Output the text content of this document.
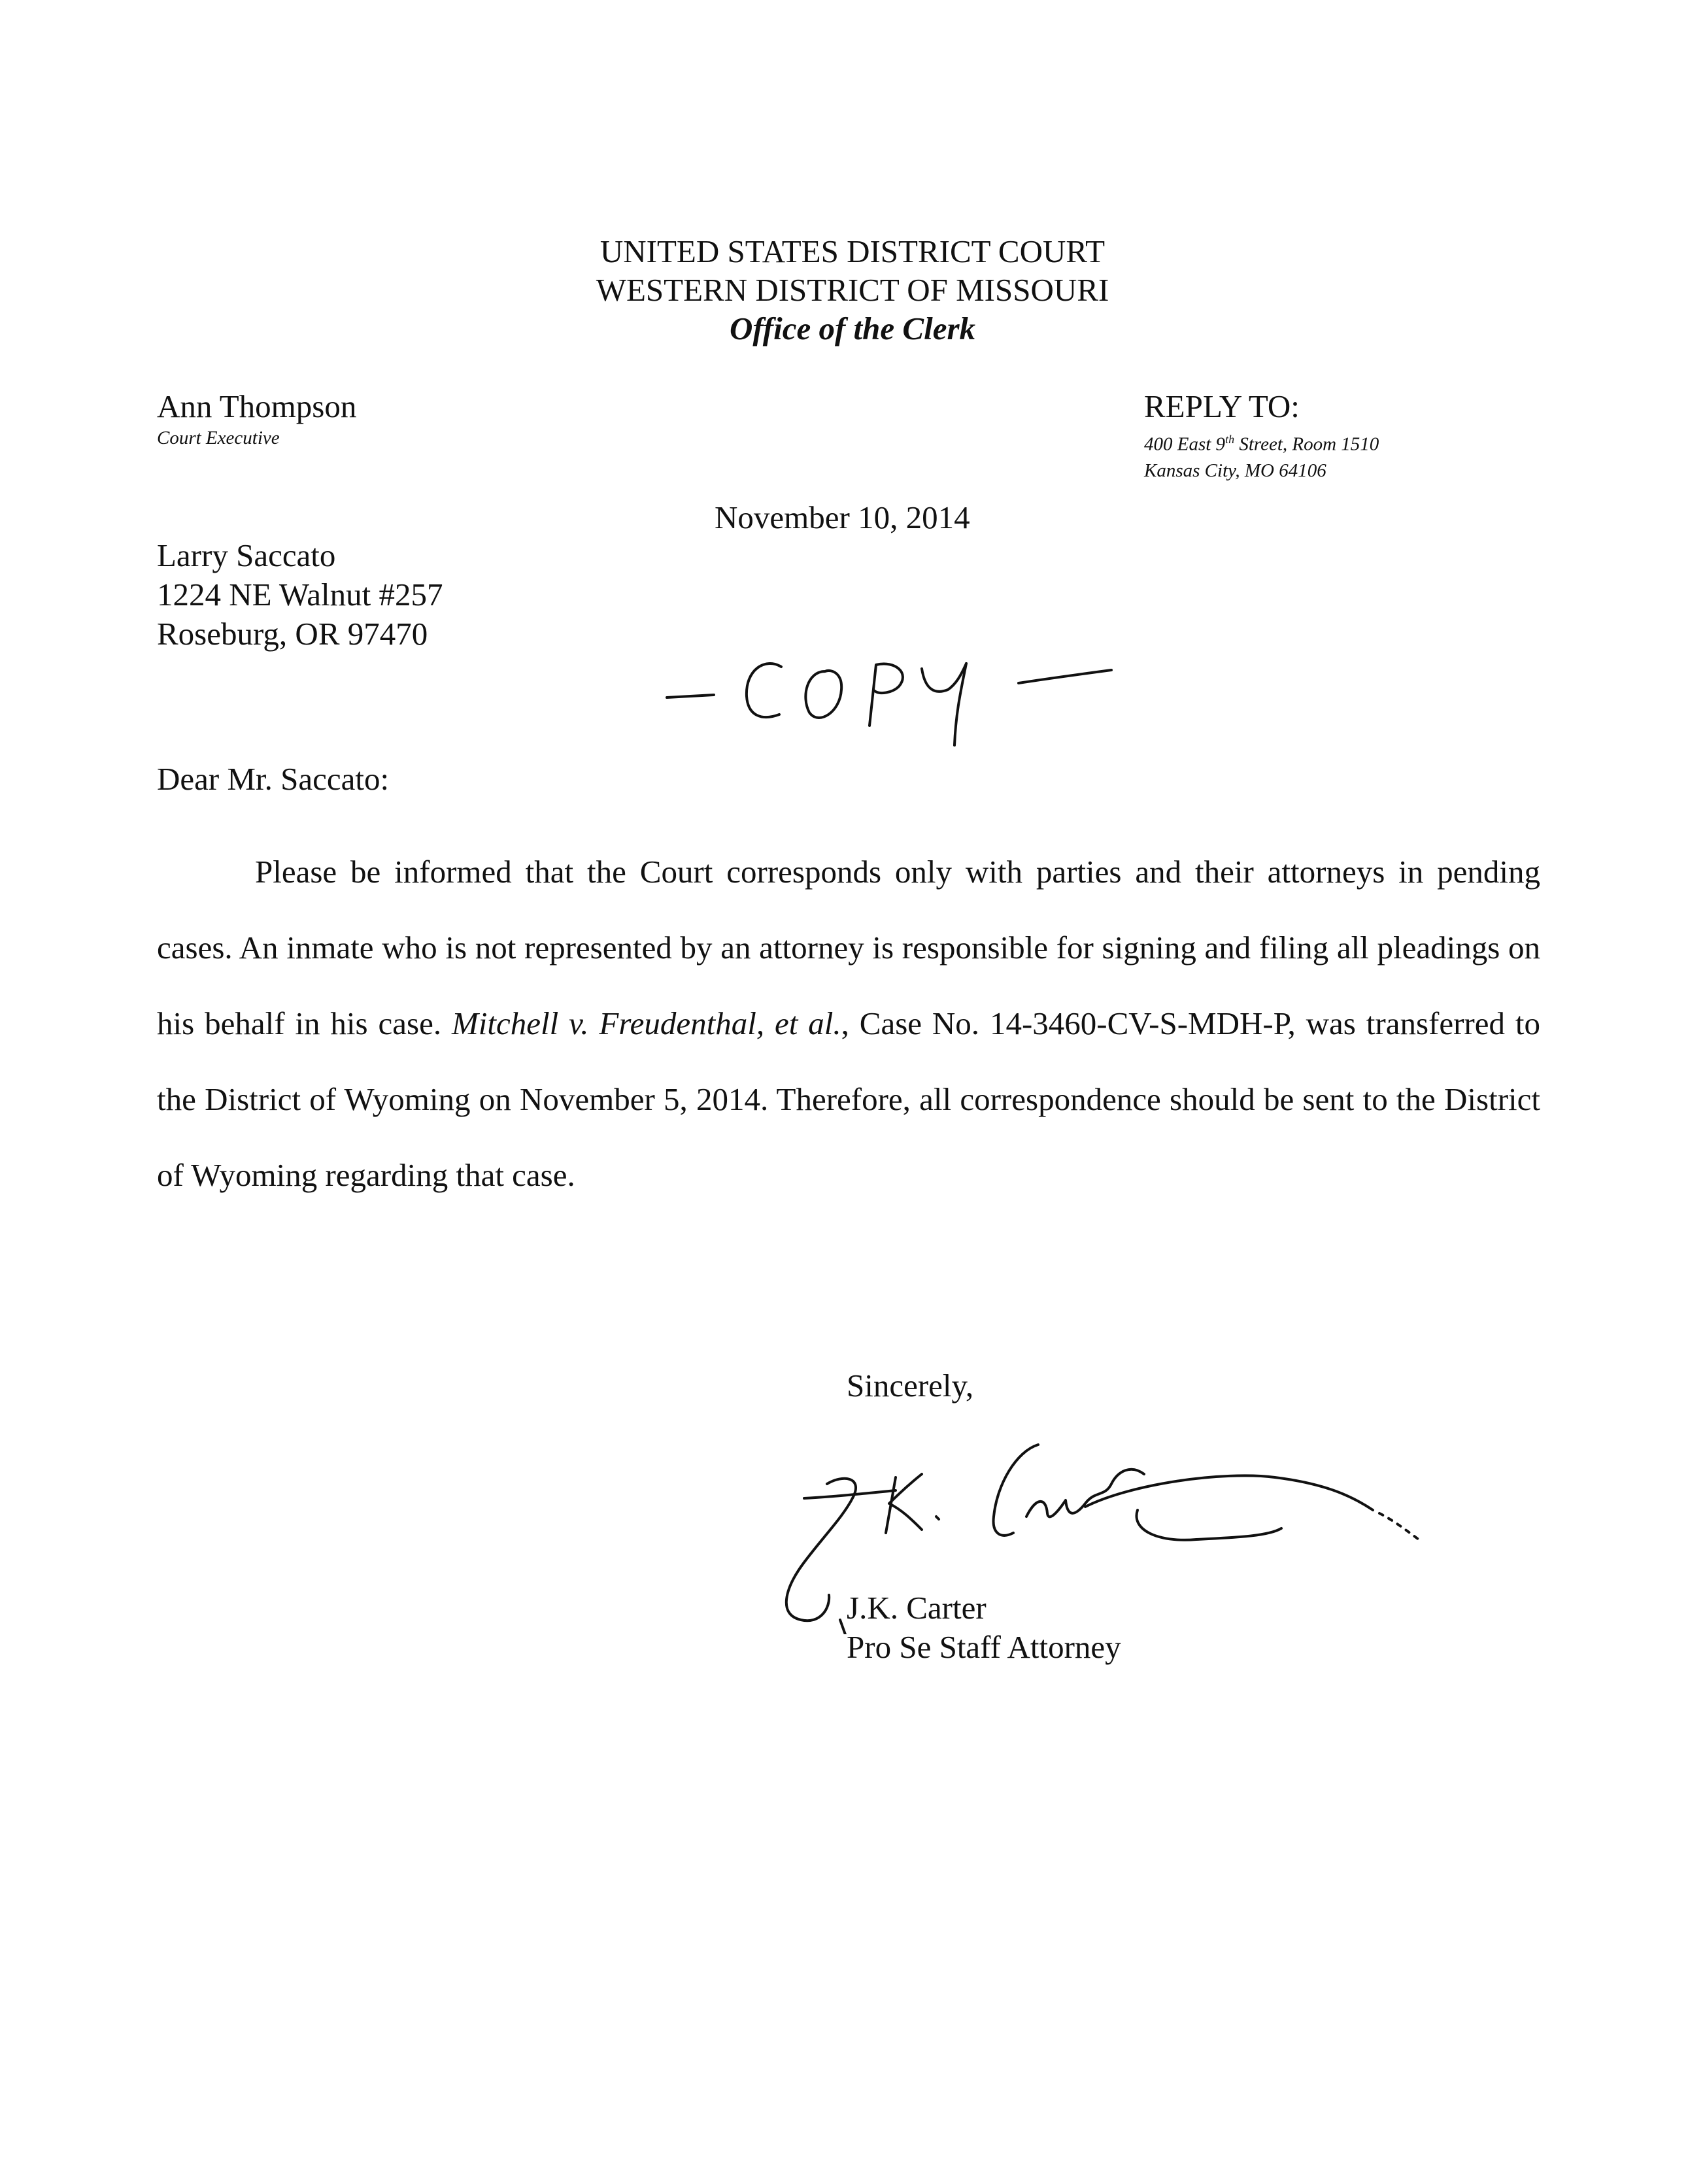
UNITED STATES DISTRICT COURT
WESTERN DISTRICT OF MISSOURI
Office of the Clerk
Ann Thompson
Court Executive
REPLY TO:
400 East 9th Street, Room 1510
Kansas City, MO 64106
November 10, 2014
Larry Saccato
1224 NE Walnut #257
Roseburg, OR 97470
Dear Mr. Saccato:

Please be informed that the Court corresponds only with parties and their attorneys in pending cases. An inmate who is not represented by an attorney is responsible for signing and filing all pleadings on his behalf in his case. Mitchell v. Freudenthal, et al., Case No. 14-3460-CV-S-MDH-P, was transferred to the District of Wyoming on November 5, 2014. Therefore, all correspondence should be sent to the District of Wyoming regarding that case.

Sincerely,
J.K. Carter
Pro Se Staff Attorney
